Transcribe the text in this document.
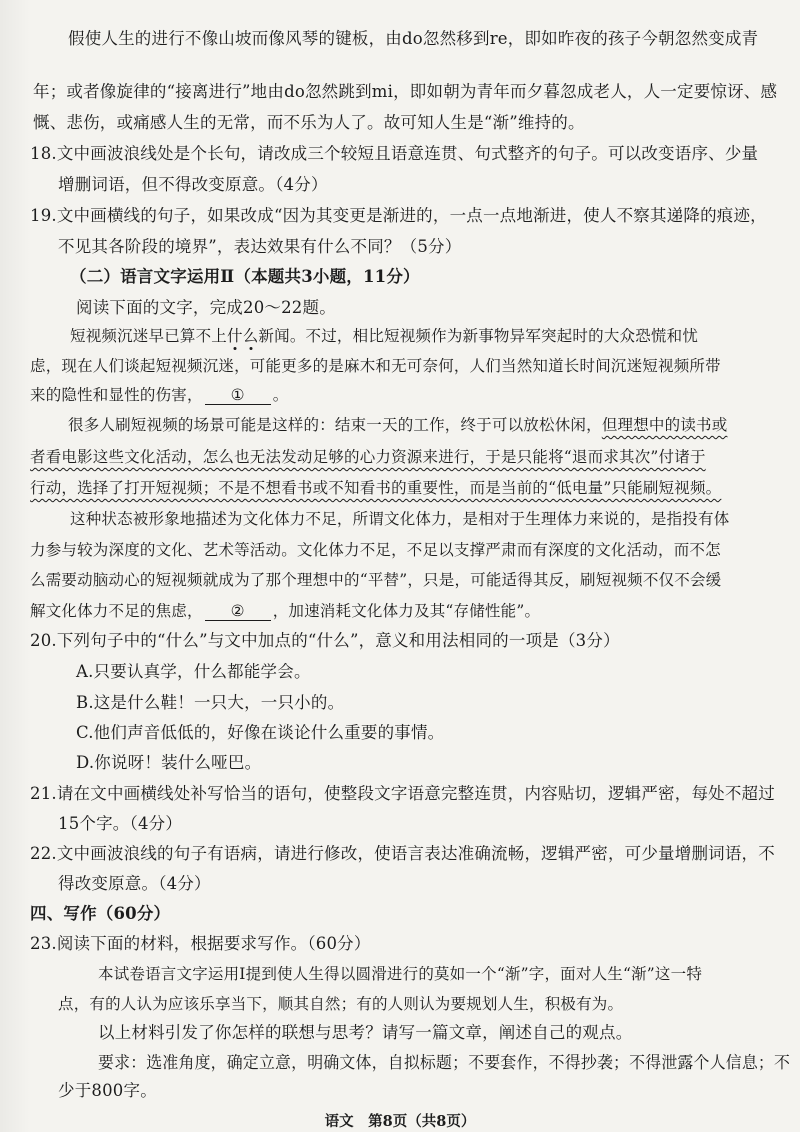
假使人生的进行不像山坡而像风琴的键板，由do忽然移到re，即如昨夜的孩子今朝忽然变成青
年；或者像旋律的“接离进行”地由do忽然跳到mi，即如朝为青年而夕暮忽成老人，人一定要惊讶、感
慨、悲伤，或痛感人生的无常，而不乐为人了。故可知人生是“渐”维持的。
18.文中画波浪线处是个长句，请改成三个较短且语意连贯、句式整齐的句子。可以改变语序、少量
增删词语，但不得改变原意。（4分）
19.文中画横线的句子，如果改成“因为其变更是渐进的，一点一点地渐进，使人不察其递降的痕迹，
不见其各阶段的境界”，表达效果有什么不同？（5分）
（二）语言文字运用Ⅱ（本题共3小题，11分）
阅读下面的文字，完成20～22题。
短视频沉迷早已算不上什么新闻。不过，相比短视频作为新事物异军突起时的大众恐慌和忧
虑，现在人们谈起短视频沉迷，可能更多的是麻木和无可奈何，人们当然知道长时间沉迷短视频所带
来的隐性和显性的伤害， ① 。
很多人刷短视频的场景可能是这样的：结束一天的工作，终于可以放松休闲，但理想中的读书或
者看电影这些文化活动，怎么也无法发动足够的心力资源来进行，于是只能将“退而求其次”付诸于
行动，选择了打开短视频；不是不想看书或不知看书的重要性，而是当前的“低电量”只能刷短视频。
这种状态被形象地描述为文化体力不足，所谓文化体力，是相对于生理体力来说的，是指投有体
力参与较为深度的文化、艺术等活动。文化体力不足，不足以支撑严肃而有深度的文化活动，而不怎
么需要动脑动心的短视频就成为了那个理想中的“平替”，只是，可能适得其反，刷短视频不仅不会缓
解文化体力不足的焦虑， ② ，加速消耗文化体力及其“存储性能”。
20.下列句子中的“什么”与文中加点的“什么”，意义和用法相同的一项是（3分）
A.只要认真学，什么都能学会。
B.这是什么鞋！一只大，一只小的。
C.他们声音低低的，好像在谈论什么重要的事情。
D.你说呀！装什么哑巴。
21.请在文中画横线处补写恰当的语句，使整段文字语意完整连贯，内容贴切，逻辑严密，每处不超过
15个字。（4分）
22.文中画波浪线的句子有语病，请进行修改，使语言表达准确流畅，逻辑严密，可少量增删词语，不
得改变原意。（4分）
四、写作（60分）
23.阅读下面的材料，根据要求写作。（60分）
本试卷语言文字运用Ⅰ提到使人生得以圆滑进行的莫如一个“渐”字，面对人生“渐”这一特
点，有的人认为应该乐享当下，顺其自然；有的人则认为要规划人生，积极有为。
以上材料引发了你怎样的联想与思考？请写一篇文章，阐述自己的观点。
要求：选准角度，确定立意，明确文体，自拟标题；不要套作，不得抄袭；不得泄露个人信息；不
少于800字。
语文　第8页（共8页）
